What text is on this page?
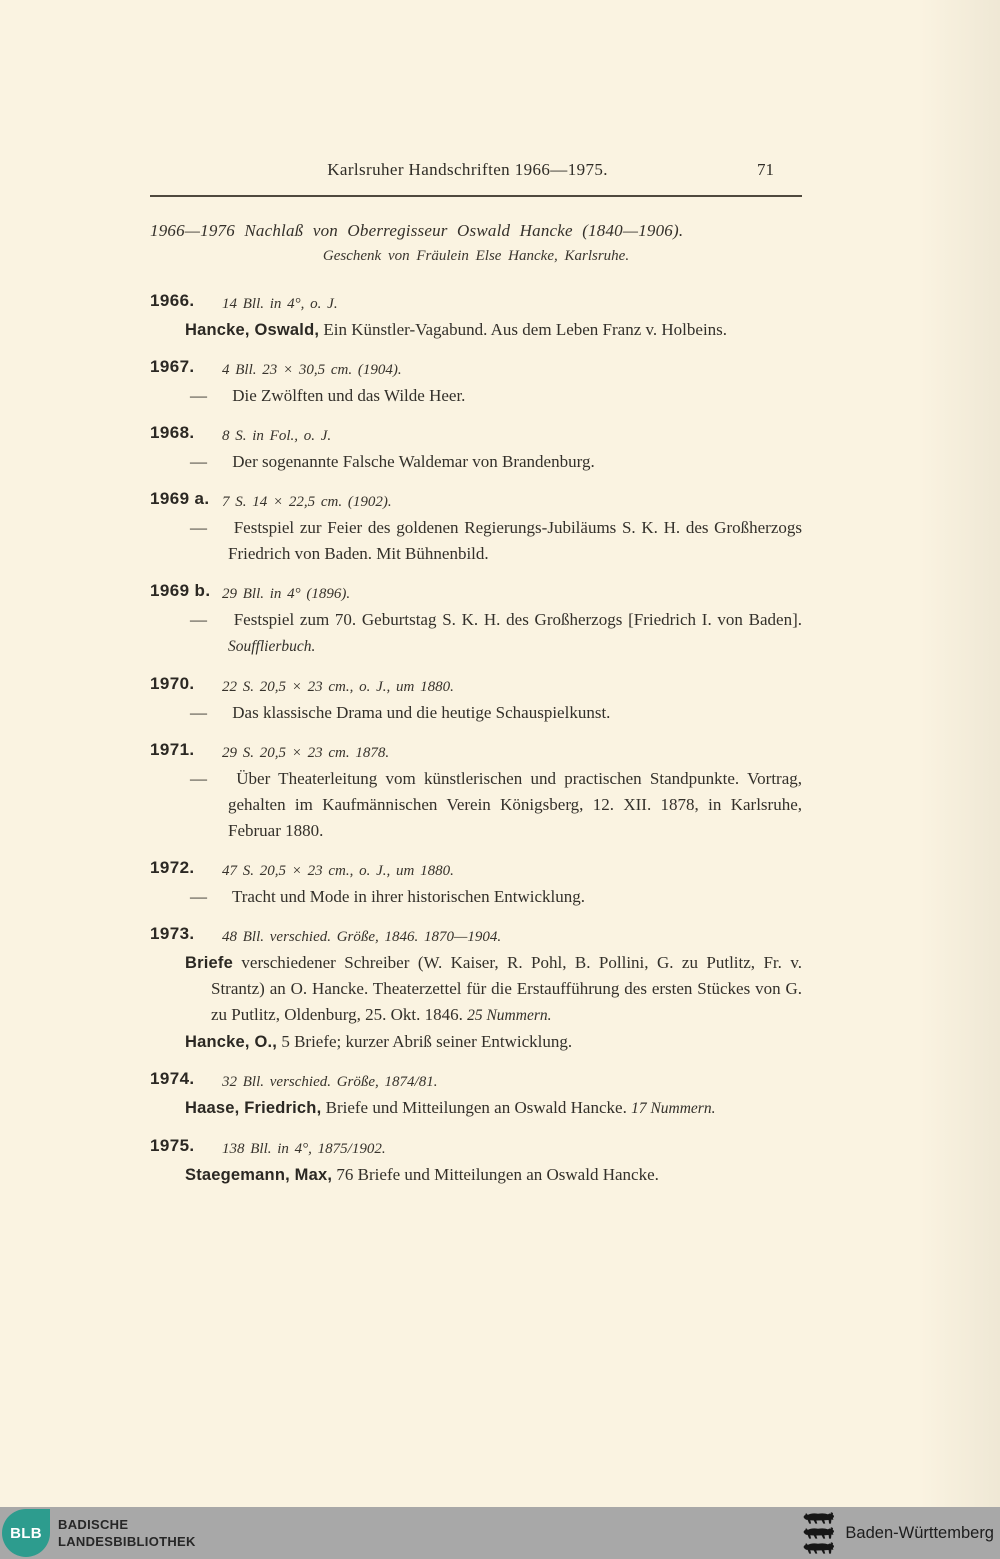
Karlsruher Handschriften 1966—1975.	71
1966—1976 Nachlaß von Oberregisseur Oswald Hancke (1840—1906).
Geschenk von Fräulein Else Hancke, Karlsruhe.
1966. 14 Bll. in 4°, o. J.

Hancke, Oswald, Ein Künstler-Vagabund. Aus dem Leben Franz v. Holbeins.

1967. 4 Bll. 23 × 30,5 cm. (1904).

— Die Zwölften und das Wilde Heer.

1968. 8 S. in Fol., o. J.

— Der sogenannte Falsche Waldemar von Brandenburg.

1969 a. 7 S. 14 × 22,5 cm. (1902).

— Festspiel zur Feier des goldenen Regierungs-Jubiläums S. K. H. des Großherzogs Friedrich von Baden. Mit Bühnenbild.

1969 b. 29 Bll. in 4° (1896).

— Festspiel zum 70. Geburtstag S. K. H. des Großherzogs [Friedrich I. von Baden]. Soufflierbuch.

1970. 22 S. 20,5 × 23 cm., o. J., um 1880.

— Das klassische Drama und die heutige Schauspielkunst.

1971. 29 S. 20,5 × 23 cm. 1878.

— Über Theaterleitung vom künstlerischen und practischen Standpunkte. Vortrag, gehalten im Kaufmännischen Verein Königsberg, 12. XII. 1878, in Karlsruhe, Februar 1880.

1972. 47 S. 20,5 × 23 cm., o. J., um 1880.

— Tracht und Mode in ihrer historischen Entwicklung.

1973. 48 Bll. verschied. Größe, 1846. 1870—1904.

Briefe verschiedener Schreiber (W. Kaiser, R. Pohl, B. Pollini, G. zu Putlitz, Fr. v. Strantz) an O. Hancke. Theaterzettel für die Erstaufführung des ersten Stückes von G. zu Putlitz, Oldenburg, 25. Okt. 1846. 25 Nummern.

Hancke, O., 5 Briefe; kurzer Abriß seiner Entwicklung.

1974. 32 Bll. verschied. Größe, 1874/81.

Haase, Friedrich, Briefe und Mitteilungen an Oswald Hancke. 17 Nummern.

1975. 138 Bll. in 4°, 1875/1902.

Staegemann, Max, 76 Briefe und Mitteilungen an Oswald Hancke.

BLB BADISCHE
LANDESBIBLIOTHEK	Baden-Württemberg
